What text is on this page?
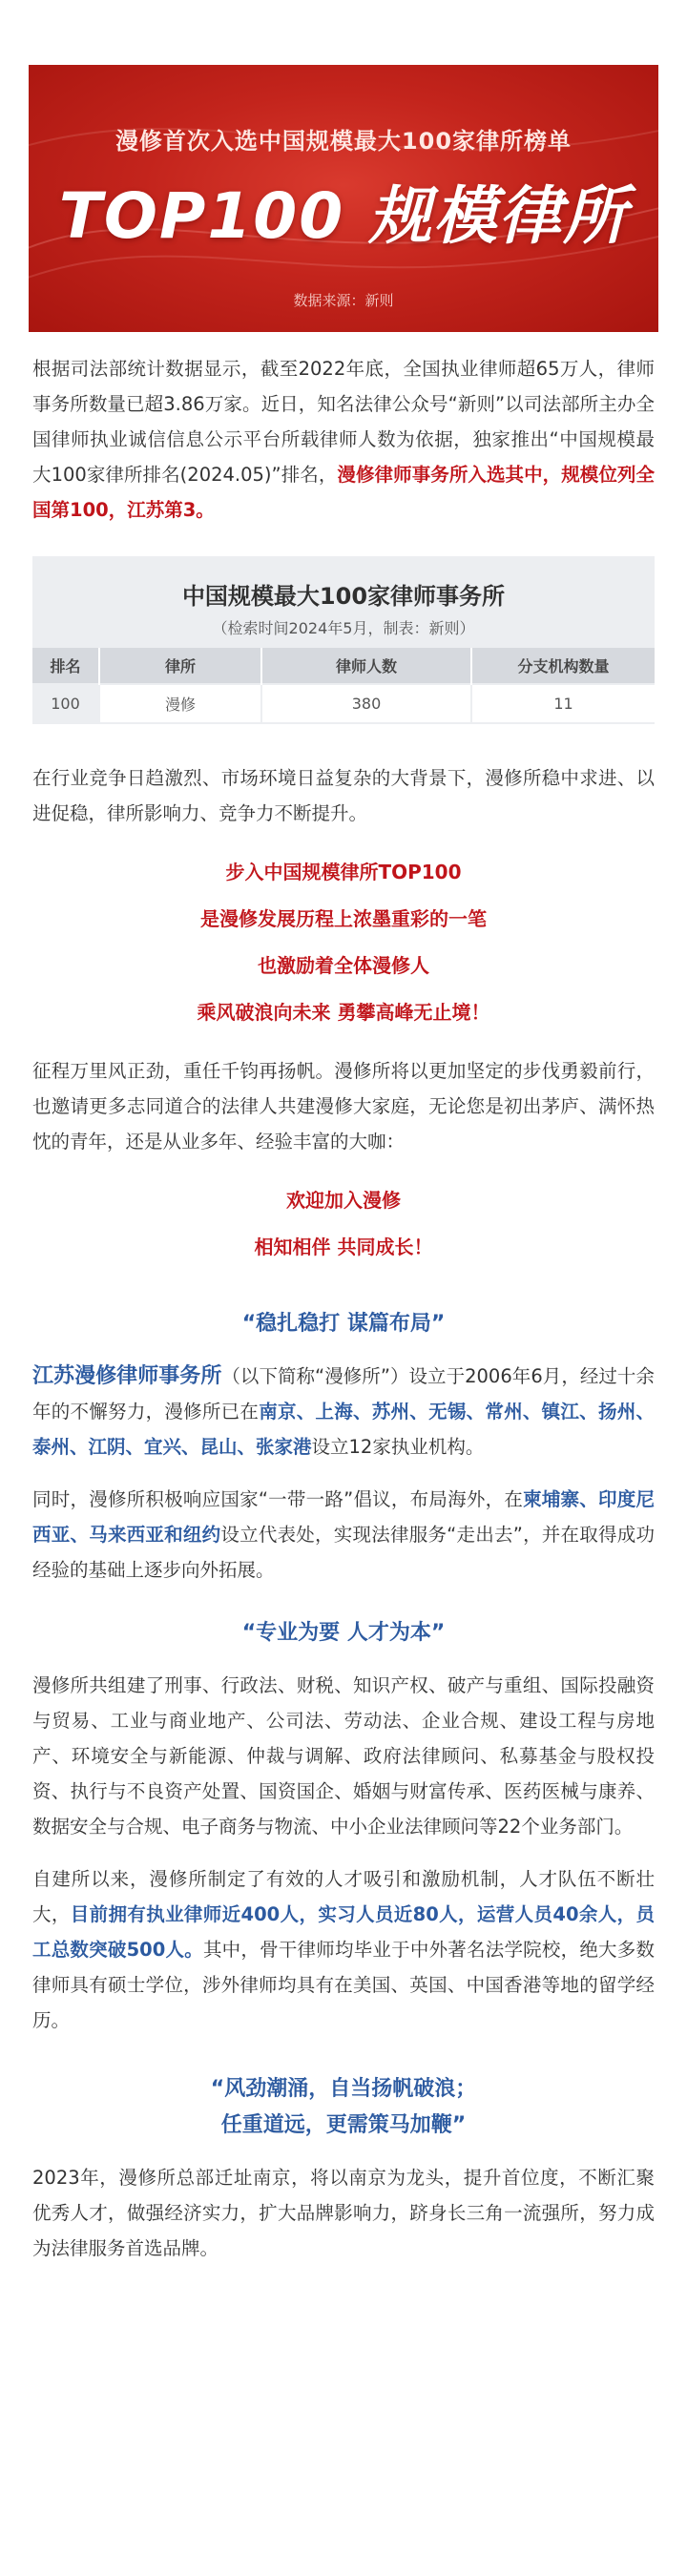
漫修首次入选中国规模最大100家律所榜单
TOP100 规模律所
数据来源：新则

根据司法部统计数据显示，截至2022年底，全国执业律师超65万人，律师事务所数量已超3.86万家。近日，知名法律公众号“新则”以司法部所主办全国律师执业诚信信息公示平台所载律师人数为依据，独家推出“中国规模最大100家律所排名(2024.05)”排名，漫修律师事务所入选其中，规模位列全国第100，江苏第3。

中国规模最大100家律师事务所
（检索时间2024年5月，制表：新则）
排名	律所	律师人数	分支机构数量
100	漫修	380	11

在行业竞争日趋激烈、市场环境日益复杂的大背景下，漫修所稳中求进、以进促稳，律所影响力、竞争力不断提升。

步入中国规模律所TOP100
是漫修发展历程上浓墨重彩的一笔
也激励着全体漫修人
乘风破浪向未来 勇攀高峰无止境！

征程万里风正劲，重任千钧再扬帆。漫修所将以更加坚定的步伐勇毅前行，也邀请更多志同道合的法律人共建漫修大家庭，无论您是初出茅庐、满怀热忱的青年，还是从业多年、经验丰富的大咖：

欢迎加入漫修
相知相伴 共同成长！
“稳扎稳打 谋篇布局”

江苏漫修律师事务所（以下简称“漫修所”）设立于2006年6月，经过十余年的不懈努力，漫修所已在南京、上海、苏州、无锡、常州、镇江、扬州、泰州、江阴、宜兴、昆山、张家港设立12家执业机构。

同时，漫修所积极响应国家“一带一路”倡议，布局海外，在柬埔寨、印度尼西亚、马来西亚和纽约设立代表处，实现法律服务“走出去”，并在取得成功经验的基础上逐步向外拓展。

“专业为要 人才为本”

漫修所共组建了刑事、行政法、财税、知识产权、破产与重组、国际投融资与贸易、工业与商业地产、公司法、劳动法、企业合规、建设工程与房地产、环境安全与新能源、仲裁与调解、政府法律顾问、私募基金与股权投资、执行与不良资产处置、国资国企、婚姻与财富传承、医药医械与康养、数据安全与合规、电子商务与物流、中小企业法律顾问等22个业务部门。

自建所以来，漫修所制定了有效的人才吸引和激励机制，人才队伍不断壮大，目前拥有执业律师近400人，实习人员近80人，运营人员40余人，员工总数突破500人。其中，骨干律师均毕业于中外著名法学院校，绝大多数律师具有硕士学位，涉外律师均具有在美国、英国、中国香港等地的留学经历。

“风劲潮涌，自当扬帆破浪；
任重道远，更需策马加鞭”

2023年，漫修所总部迁址南京，将以南京为龙头，提升首位度，不断汇聚优秀人才，做强经济实力，扩大品牌影响力，跻身长三角一流强所，努力成为法律服务首选品牌。
